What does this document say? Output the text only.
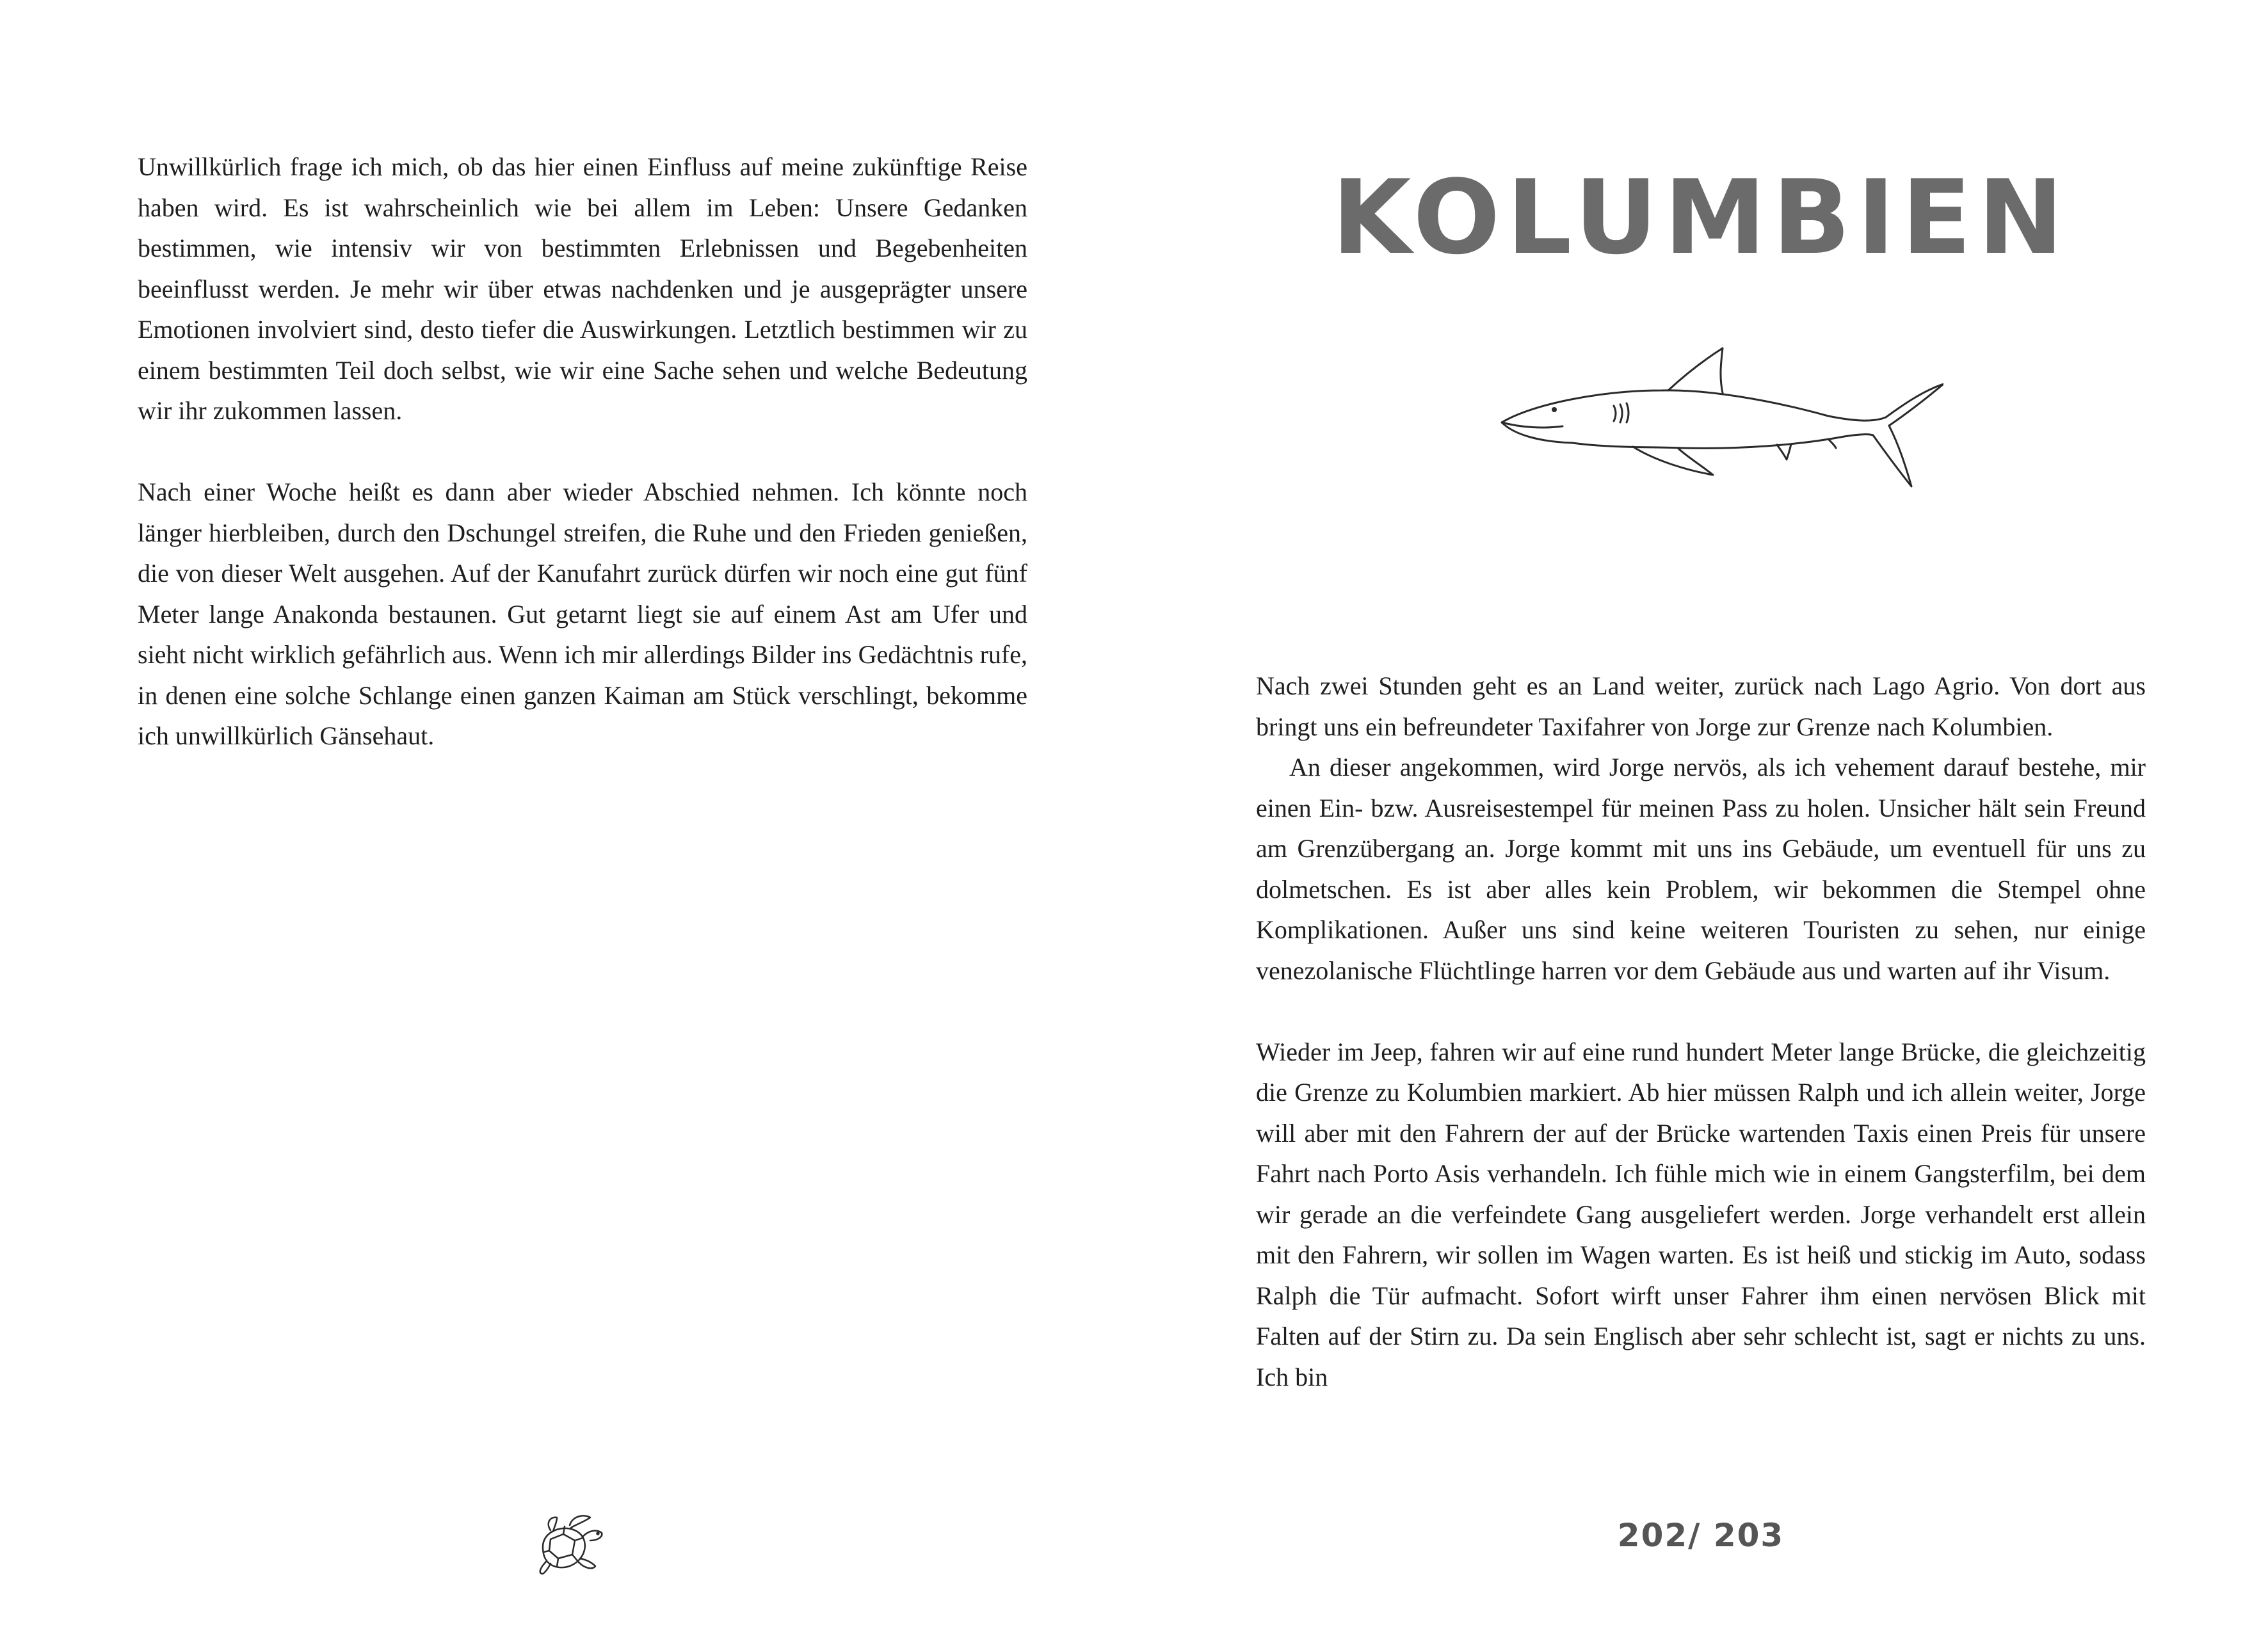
Unwillkürlich frage ich mich, ob das hier einen Einfluss auf meine zukünftige Reise haben wird. Es ist wahrscheinlich wie bei allem im Leben: Unsere Gedanken bestimmen, wie intensiv wir von bestimmten Erlebnissen und Begebenheiten beeinflusst werden. Je mehr wir über etwas nachdenken und je ausgeprägter unsere Emotionen involviert sind, desto tiefer die Auswirkungen. Letztlich bestimmen wir zu einem bestimmten Teil doch selbst, wie wir eine Sache sehen und welche Bedeutung wir ihr zukommen lassen.

Nach einer Woche heißt es dann aber wieder Abschied nehmen. Ich könnte noch länger hierbleiben, durch den Dschungel streifen, die Ruhe und den Frieden genießen, die von dieser Welt ausgehen. Auf der Kanufahrt zurück dürfen wir noch eine gut fünf Meter lange Anakonda bestaunen. Gut getarnt liegt sie auf einem Ast am Ufer und sieht nicht wirklich gefährlich aus. Wenn ich mir allerdings Bilder ins Gedächtnis rufe, in denen eine solche Schlange einen ganzen Kaiman am Stück verschlingt, bekomme ich unwillkürlich Gänsehaut.

KOLUMBIEN

Nach zwei Stunden geht es an Land weiter, zurück nach Lago Agrio. Von dort aus bringt uns ein befreundeter Taxifahrer von Jorge zur Grenze nach Kolumbien.

An dieser angekommen, wird Jorge nervös, als ich vehement darauf bestehe, mir einen Ein- bzw. Ausreisestempel für meinen Pass zu holen. Unsicher hält sein Freund am Grenzübergang an. Jorge kommt mit uns ins Gebäude, um eventuell für uns zu dolmetschen. Es ist aber alles kein Problem, wir bekommen die Stempel ohne Komplikationen. Außer uns sind keine weiteren Touristen zu sehen, nur einige venezolanische Flüchtlinge harren vor dem Gebäude aus und warten auf ihr Visum.

Wieder im Jeep, fahren wir auf eine rund hundert Meter lange Brücke, die gleichzeitig die Grenze zu Kolumbien markiert. Ab hier müssen Ralph und ich allein weiter, Jorge will aber mit den Fahrern der auf der Brücke wartenden Taxis einen Preis für unsere Fahrt nach Porto Asis verhandeln. Ich fühle mich wie in einem Gangsterfilm, bei dem wir gerade an die verfeindete Gang ausgeliefert werden. Jorge verhandelt erst allein mit den Fahrern, wir sollen im Wagen warten. Es ist heiß und stickig im Auto, sodass Ralph die Tür aufmacht. Sofort wirft unser Fahrer ihm einen nervösen Blick mit Falten auf der Stirn zu. Da sein Englisch aber sehr schlecht ist, sagt er nichts zu uns. Ich bin

202/ 203
